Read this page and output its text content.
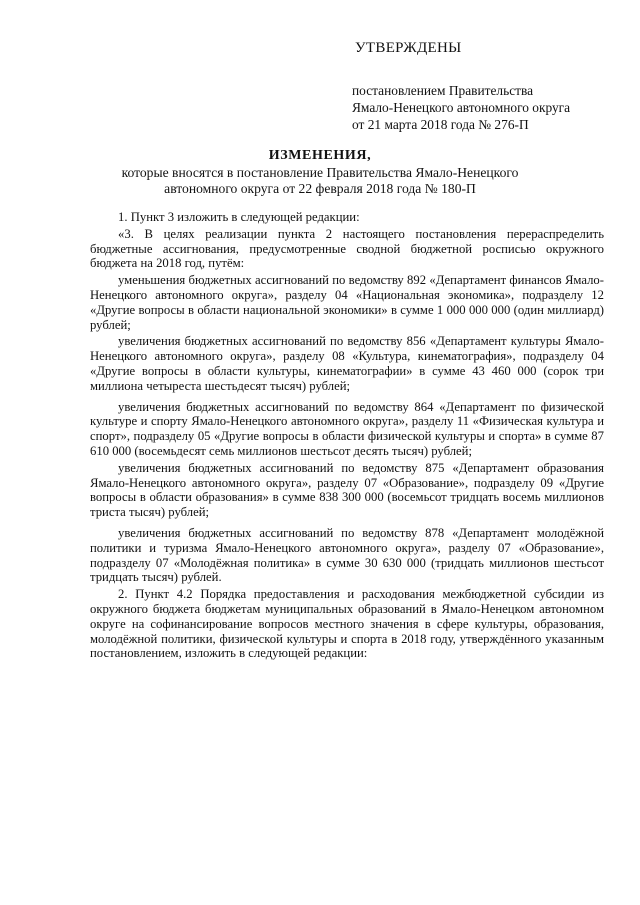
УТВЕРЖДЕНЫ
постановлением Правительства
Ямало-Ненецкого автономного округа
от 21 марта 2018 года № 276-П
ИЗМЕНЕНИЯ,
которые вносятся в постановление Правительства Ямало-Ненецкого
автономного округа от 22 февраля 2018 года № 180-П

1. Пункт 3 изложить в следующей редакции:

«3. В целях реализации пункта 2 настоящего постановления перераспределить бюджетные ассигнования, предусмотренные сводной бюджетной росписью окружного бюджета на 2018 год, путём:

уменьшения бюджетных ассигнований по ведомству 892 «Департамент финансов Ямало-Ненецкого автономного округа», разделу 04 «Национальная экономика», подразделу 12 «Другие вопросы в области национальной экономики» в сумме 1 000 000 000 (один миллиард) рублей;

увеличения бюджетных ассигнований по ведомству 856 «Департамент культуры Ямало-Ненецкого автономного округа», разделу 08 «Культура, кинематография», подразделу 04 «Другие вопросы в области культуры, кинематографии» в сумме 43 460 000 (сорок три миллиона четыреста шестьдесят тысяч) рублей;

увеличения бюджетных ассигнований по ведомству 864 «Департамент по физической культуре и спорту Ямало-Ненецкого автономного округа», разделу 11 «Физическая культура и спорт», подразделу 05 «Другие вопросы в области физической культуры и спорта» в сумме 87 610 000 (восемьдесят семь миллионов шестьсот десять тысяч) рублей;

увеличения бюджетных ассигнований по ведомству 875 «Департамент образования Ямало-Ненецкого автономного округа», разделу 07 «Образование», подразделу 09 «Другие вопросы в области образования» в сумме 838 300 000 (восемьсот тридцать восемь миллионов триста тысяч) рублей;

увеличения бюджетных ассигнований по ведомству 878 «Департамент молодёжной политики и туризма Ямало-Ненецкого автономного округа», разделу 07 «Образование», подразделу 07 «Молодёжная политика» в сумме 30 630 000 (тридцать миллионов шестьсот тридцать тысяч) рублей.

2. Пункт 4.2 Порядка предоставления и расходования межбюджетной субсидии из окружного бюджета бюджетам муниципальных образований в Ямало-Ненецком автономном округе на софинансирование вопросов местного значения в сфере культуры, образования, молодёжной политики, физической культуры и спорта в 2018 году, утверждённого указанным постановлением, изложить в следующей редакции:
